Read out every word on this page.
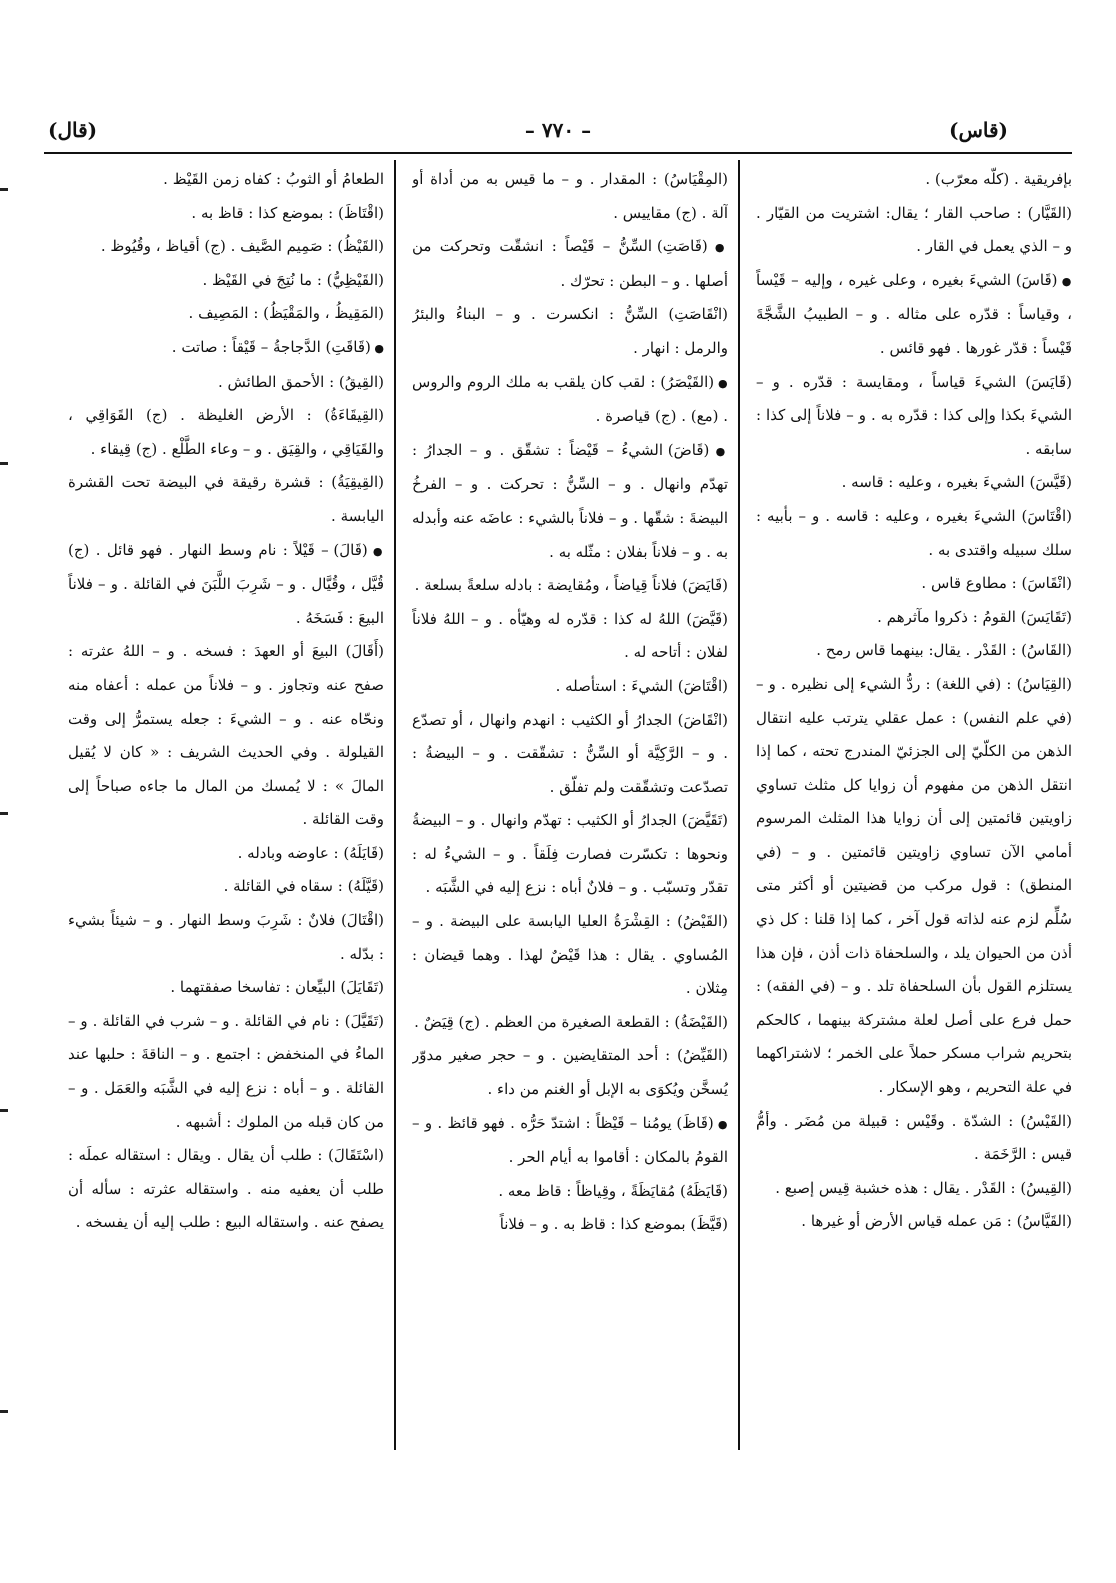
(قاس)
– ٧٧٠ –
(قال)

بإفريقية . (كلّه معرّب) .

(القَيَّار) : صاحب القار ؛ يقال: اشتريت من القيّار . و – الذي يعمل في القار .

● (قَاسَ) الشيءَ بغيره ، وعلى غيره ، وإليه – قَيْساً ، وقياساً : قدّره على مثاله . و – الطبيبُ الشَّجَّةَ قَيْساً : قدّر غورها . فهو قائس .

(قَايَسَ) الشيءَ قياساً ، ومقايسة : قدّره . و – الشيءَ بكذا وإلى كذا : قدّره به . و – فلاناً إلى كذا : سابقه .

(قَيَّسَ) الشيءَ بغيره ، وعليه : قاسه .

(اقْتَاسَ) الشيءَ بغيره ، وعليه : قاسه . و – بأبيه : سلك سبيله واقتدى به .

(انْقَاسَ) : مطاوع قاس .

(تَقَايَسَ) القومُ : ذكروا مآثرهم .

(القَاسُ) : القَدْر . يقال: بينهما قاس رمح .

(القِيَاسُ) : (في اللغة) : ردُّ الشيء إلى نظيره . و – (في علم النفس) : عمل عقلي يترتب عليه انتقال الذهن من الكلّيّ إلى الجزئيّ المندرج تحته ، كما إذا انتقل الذهن من مفهوم أن زوايا كل مثلث تساوي زاويتين قائمتين إلى أن زوايا هذا المثلث المرسوم أمامي الآن تساوي زاويتين قائمتين . و – (في المنطق) : قول مركب من قضيتين أو أكثر متى سُلِّم لزم عنه لذاته قول آخر ، كما إذا قلنا : كل ذي أذن من الحيوان يلد ، والسلحفاة ذات أذن ، فإن هذا يستلزم القول بأن السلحفاة تلد . و – (في الفقه) : حمل فرع على أصل لعلة مشتركة بينهما ، كالحكم بتحريم شراب مسكر حملاً على الخمر ؛ لاشتراكهما في علة التحريم ، وهو الإسكار .

(القَيْسُ) : الشدّة . وقَيْس : قبيلة من مُضَر . وأمُّ قيس : الرَّخَمَة .

(القِيسُ) : القَدْر . يقال : هذه خشبة قِيس إصبع .

(القَيَّاسُ) : مَن عمله قياس الأرض أو غيرها .

(المِقْيَاسُ) : المقدار . و – ما قيس به من أداة أو آلة . (ج) مقاييس .

● (قَاصَتِ) السِّنُّ – قَيْصاً : انشقّت وتحركت من أصلها . و – البطن : تحرّك .

(انْقَاصَتِ) السِّنُّ : انكسرت . و – البناءُ والبئرُ والرمل : انهار .

● (القَيْصَرُ) : لقب كان يلقب به ملك الروم والروس . (مع) . (ج) قياصرة .

● (قَاضَ) الشيءُ – قَيْضاً : تشقّق . و – الجدارُ : تهدّم وانهال . و – السِّنُّ : تحركت . و – الفرخُ البيضةَ : شقّها . و – فلاناً بالشيء : عاضَه عنه وأبدله به . و – فلاناً بفلان : مثّله به .

(قَايَضَ) فلاناً قِياضاً ، ومُقايضة : بادله سلعةً بسلعة .

(قَيَّضَ) اللهُ له كذا : قدّره له وهيّأه . و – اللهُ فلاناً لفلان : أتاحه له .

(اقْتَاضَ) الشيءَ : استأصله .

(انْقَاضَ) الجدارُ أو الكثيب : انهدم وانهال ، أو تصدّع . و – الرَّكِيَّة أو السِّنُّ : تشقّقت . و – البيضةُ : تصدّعت وتشقّقت ولم تفلّق .

(تَقَيَّضَ) الجدارُ أو الكثيب : تهدّم وانهال . و – البيضةُ ونحوها : تكسّرت فصارت فِلَقاً . و – الشيءُ له : تقدّر وتسبّب . و – فلانٌ أباه : نزع إليه في الشَّبَه .

(القَيْضُ) : القِشْرَةُ العليا اليابسة على البيضة . و – المُساوي . يقال : هذا قَيْضٌ لهذا . وهما قيضان : مِثلان .

(القَيْضَةُ) : القطعة الصغيرة من العظم . (ج) قِيَضٌ .

(القَيِّضُ) : أحد المتقايضين . و – حجر صغير مدوّر يُسخَّن ويُكوَى به الإبل أو الغنم من داء .

● (قَاظَ) يومُنا – قَيْظاً : اشتدّ حَرُّه . فهو قائظ . و – القومُ بالمكان : أقاموا به أيام الحر .

(قَايَظَهُ) مُقايَظَةً ، وقِياظاً : قاظ معه .

(قَيَّظَ) بموضع كذا : قاظ به . و – فلاناً

الطعامُ أو الثوبُ : كفاه زمن القَيْظ .

(اقْتَاظَ) : بموضع كذا : قاظ به .

(القَيْظُ) : صَمِيم الصَّيف . (ج) أقياظ ، وقُيُوظ .

(القَيْظِيُّ) : ما نُتِجَ في القَيْظ .

(المَقِيظُ ، والمَقْيَظُ) : المَصِيف .

● (قَاقَتِ) الدَّجاجةُ – قَيْقاً : صاتت .

(القِيقُ) : الأحمق الطائش .

(القِيقَاءَةُ) : الأرض الغليظة . (ج) القَوَاقِي ، والقَيَاقِي ، والقِيَق . و – وعاء الطَّلْع . (ج) قِيقاء .

(القِيقِيَةُ) : قشرة رقيقة في البيضة تحت القشرة اليابسة .

● (قَالَ) – قَيْلاً : نام وسط النهار . فهو قائل . (ج) قُيَّل ، وقُيَّال . و – شَرِبَ اللَّبَنَ في القائلة . و – فلاناً البيعَ : فَسَخَهُ .

(أَقَالَ) البيعَ أو العهدَ : فسخه . و – اللهُ عثرته : صفح عنه وتجاوز . و – فلاناً من عمله : أعفاه منه ونحّاه عنه . و – الشيءَ : جعله يستمرُّ إلى وقت القيلولة . وفي الحديث الشريف : « كان لا يُقيل المالَ » : لا يُمسك من المال ما جاءه صباحاً إلى وقت القائلة .

(قَايَلَهُ) : عاوضه وبادله .

(قَيَّلَهُ) : سقاه في القائلة .

(اقْتَالَ) فلانٌ : شَرِبَ وسط النهار . و – شيئاً بشيء : بدّله .

(تَقَايَلَ) البيِّعان : تفاسخا صفقتهما .

(تَقَيَّلَ) : نام في القائلة . و – شرب في القائلة . و – الماءُ في المنخفض : اجتمع . و – الناقةَ : حلبها عند القائلة . و – أباه : نزع إليه في الشَّبَه والعَمَل . و – من كان قبله من الملوك : أشبهه .

(اسْتَقَالَ) : طلب أن يقال . ويقال : استقاله عملَه : طلب أن يعفيه منه . واستقاله عثرته : سأله أن يصفح عنه . واستقاله البيع : طلب إليه أن يفسخه .
